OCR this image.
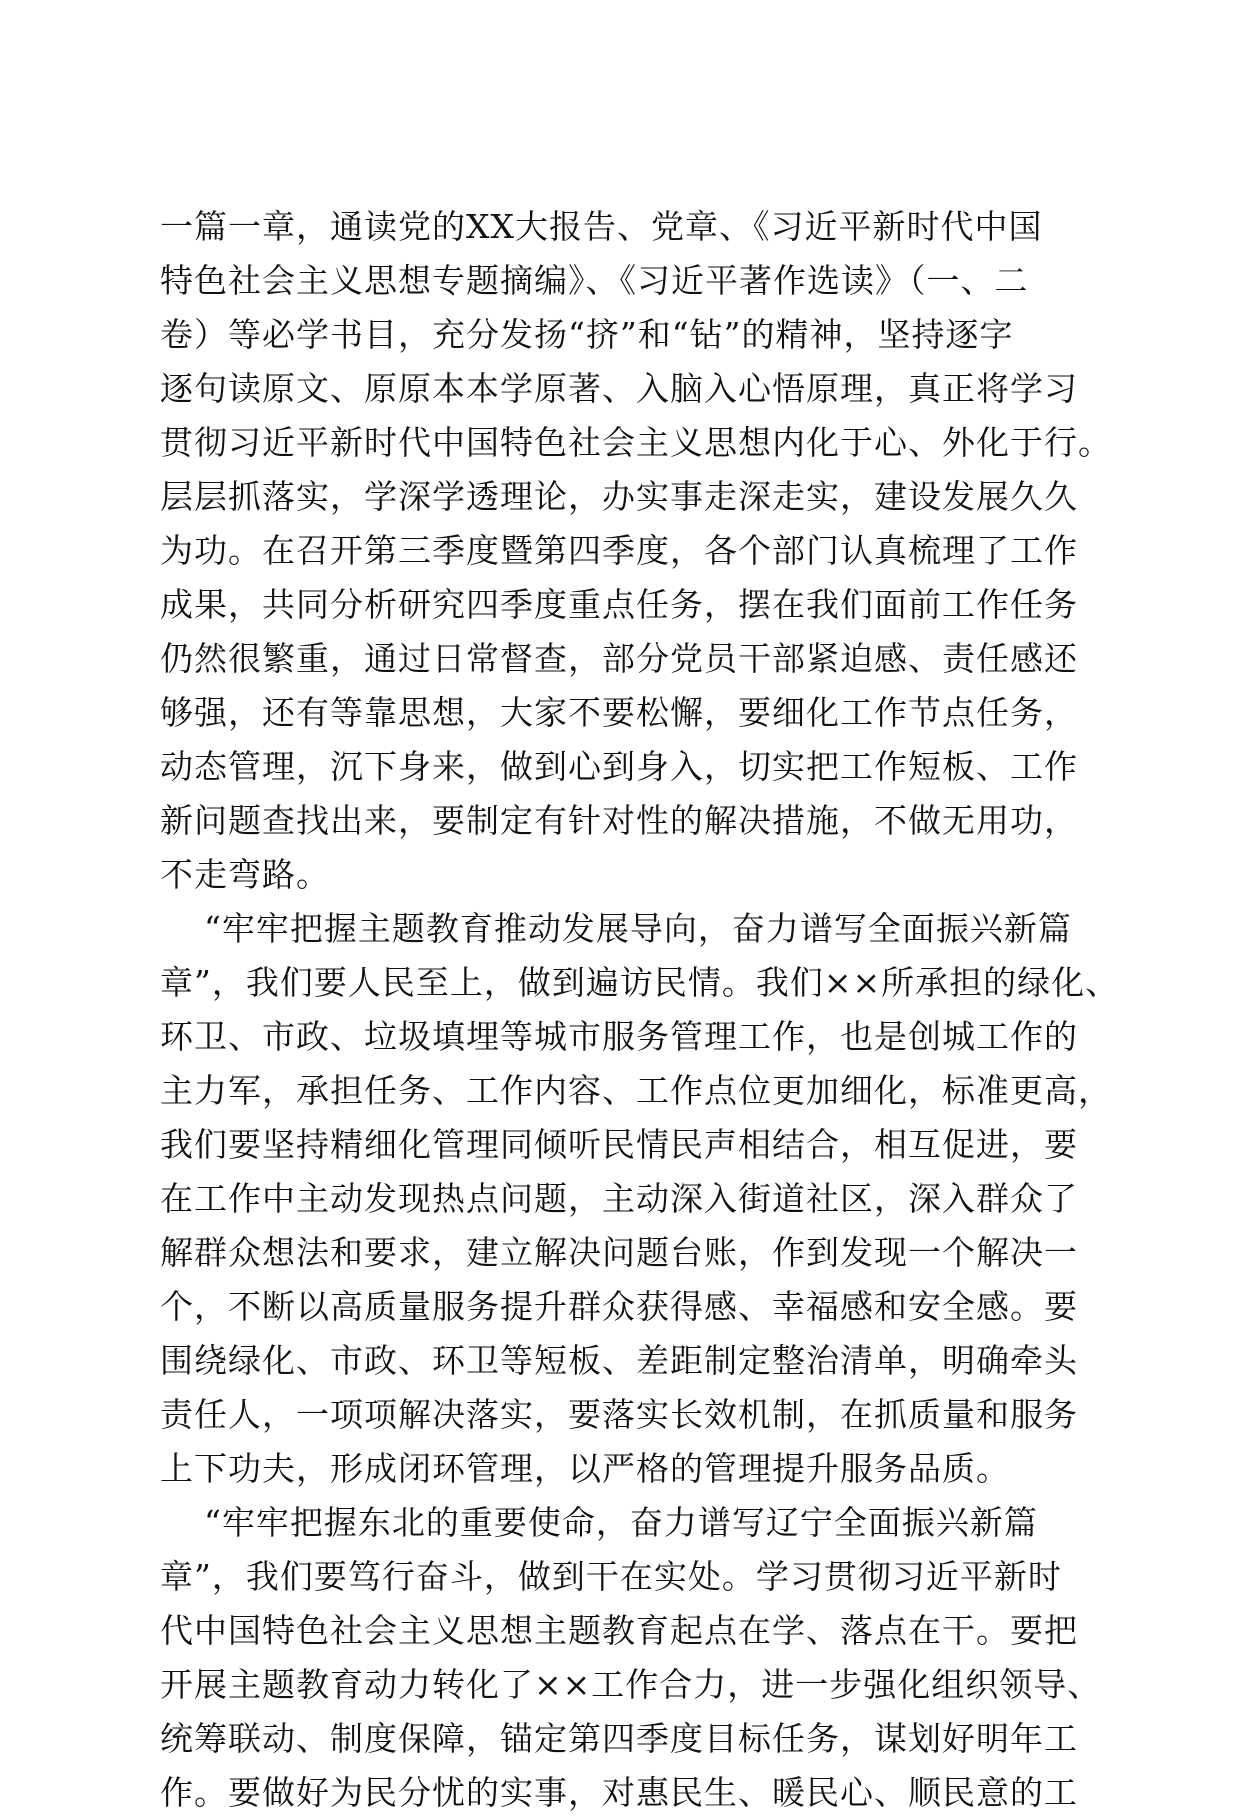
一篇一章，通读党的XX大报告、党章、《习近平新时代中国
特色社会主义思想专题摘编》、《习近平著作选读》（一、二
卷）等必学书目，充分发扬“挤”和“钻”的精神，坚持逐字
逐句读原文、原原本本学原著、入脑入心悟原理，真正将学习
贯彻习近平新时代中国特色社会主义思想内化于心、外化于行。
层层抓落实，学深学透理论，办实事走深走实，建设发展久久
为功。在召开第三季度暨第四季度，各个部门认真梳理了工作
成果，共同分析研究四季度重点任务，摆在我们面前工作任务
仍然很繁重，通过日常督查，部分党员干部紧迫感、责任感还
够强，还有等靠思想，大家不要松懈，要细化工作节点任务，
动态管理，沉下身来，做到心到身入，切实把工作短板、工作
新问题查找出来，要制定有针对性的解决措施，不做无用功，
不走弯路。
“牢牢把握主题教育推动发展导向，奋力谱写全面振兴新篇
章”，我们要人民至上，做到遍访民情。我们××所承担的绿化、
环卫、市政、垃圾填埋等城市服务管理工作，也是创城工作的
主力军，承担任务、工作内容、工作点位更加细化，标准更高，
我们要坚持精细化管理同倾听民情民声相结合，相互促进，要
在工作中主动发现热点问题，主动深入街道社区，深入群众了
解群众想法和要求，建立解决问题台账，作到发现一个解决一
个，不断以高质量服务提升群众获得感、幸福感和安全感。要
围绕绿化、市政、环卫等短板、差距制定整治清单，明确牵头
责任人，一项项解决落实，要落实长效机制，在抓质量和服务
上下功夫，形成闭环管理，以严格的管理提升服务品质。
“牢牢把握东北的重要使命，奋力谱写辽宁全面振兴新篇
章”，我们要笃行奋斗，做到干在实处。学习贯彻习近平新时
代中国特色社会主义思想主题教育起点在学、落点在干。要把
开展主题教育动力转化了××工作合力，进一步强化组织领导、
统筹联动、制度保障，锚定第四季度目标任务，谋划好明年工
作。要做好为民分忧的实事，对惠民生、暖民心、顺民意的工
